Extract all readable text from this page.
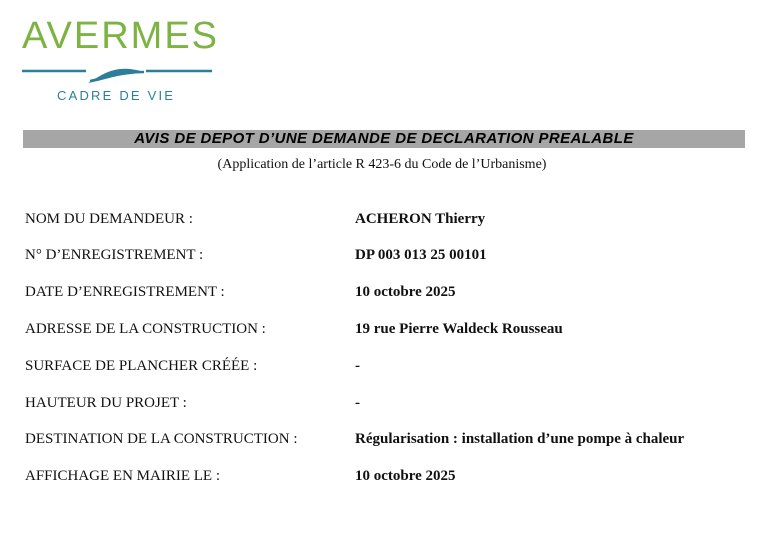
AVERMES
CADRE DE VIE
AVIS DE DEPOT D’UNE DEMANDE DE DECLARATION PREALABLE
(Application de l’article R 423-6 du Code de l’Urbanisme)
NOM DU DEMANDEUR :	ACHERON Thierry
N° D’ENREGISTREMENT :	DP 003 013 25 00101
DATE D’ENREGISTREMENT :	10 octobre 2025
ADRESSE DE LA CONSTRUCTION :	19 rue Pierre Waldeck Rousseau
SURFACE DE PLANCHER CRÉÉE :	-
HAUTEUR DU PROJET :	-
DESTINATION DE LA CONSTRUCTION :	Régularisation : installation d’une pompe à chaleur
AFFICHAGE EN MAIRIE LE :	10 octobre 2025
